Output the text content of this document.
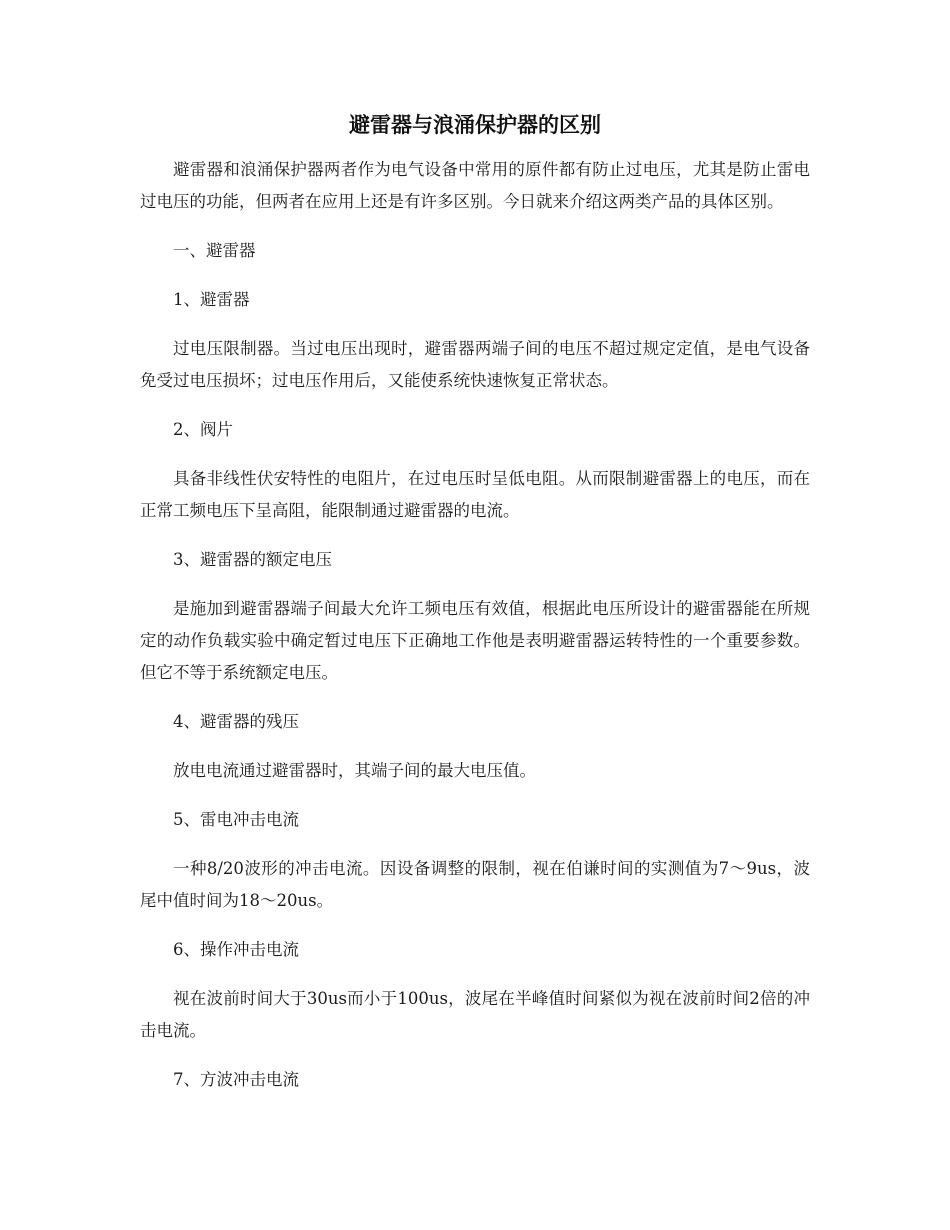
避雷器与浪涌保护器的区别

避雷器和浪涌保护器两者作为电气设备中常用的原件都有防止过电压，尤其是防止雷电过电压的功能，但两者在应用上还是有许多区别。今日就来介绍这两类产品的具体区别。

一、避雷器

1、避雷器

过电压限制器。当过电压出现时，避雷器两端子间的电压不超过规定定值，是电气设备免受过电压损坏；过电压作用后，又能使系统快速恢复正常状态。

2、阀片

具备非线性伏安特性的电阻片，在过电压时呈低电阻。从而限制避雷器上的电压，而在正常工频电压下呈高阻，能限制通过避雷器的电流。

3、避雷器的额定电压

是施加到避雷器端子间最大允许工频电压有效值，根据此电压所设计的避雷器能在所规定的动作负载实验中确定暂过电压下正确地工作他是表明避雷器运转特性的一个重要参数。但它不等于系统额定电压。

4、避雷器的残压

放电电流通过避雷器时，其端子间的最大电压值。

5、雷电冲击电流

一种8/20波形的冲击电流。因设备调整的限制，视在伯谦时间的实测值为7～9us，波尾中值时间为18～20us。

6、操作冲击电流

视在波前时间大于30us而小于100us，波尾在半峰值时间紧似为视在波前时间2倍的冲击电流。

7、方波冲击电流
